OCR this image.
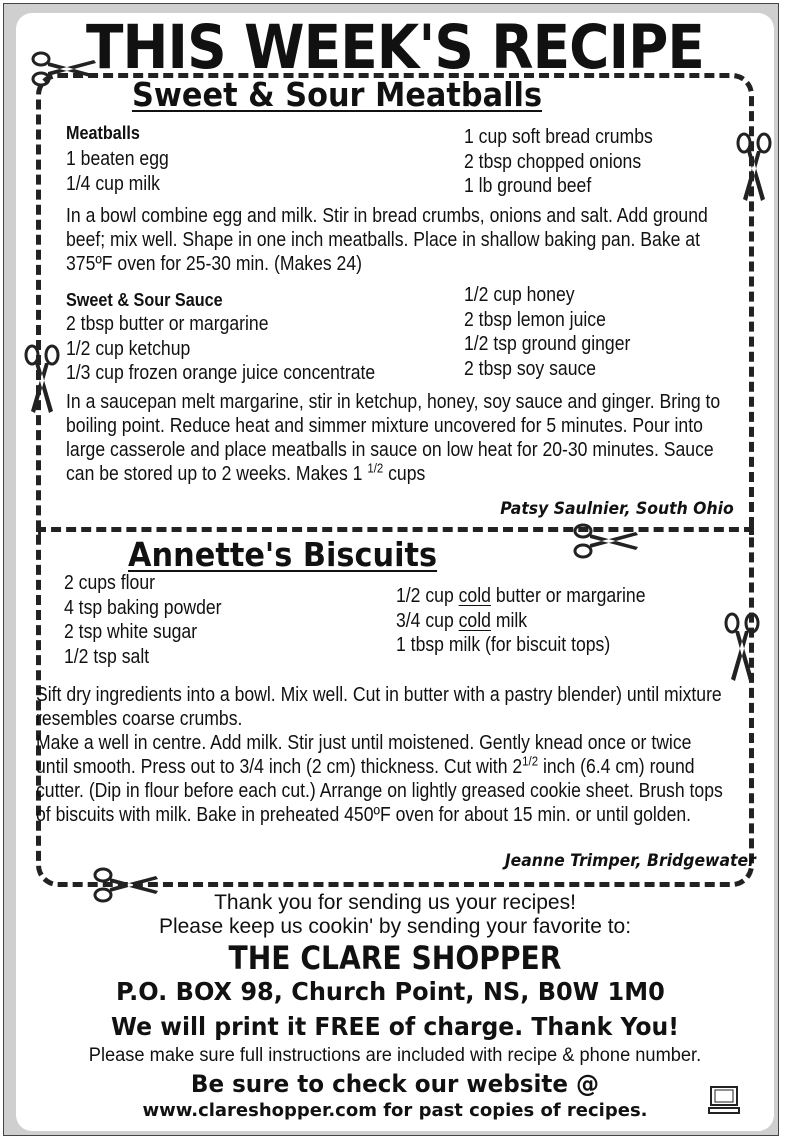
THIS WEEK'S RECIPE
Sweet & Sour Meatballs
Meatballs
1 beaten egg
1/4 cup milk
1 cup soft bread crumbs
2 tbsp chopped onions
1 lb ground beef
In a bowl combine egg and milk. Stir in bread crumbs, onions and salt. Add ground beef; mix well. Shape in one inch meatballs. Place in shallow baking pan. Bake at 375ºF oven for 25-30 min. (Makes 24)
Sweet & Sour Sauce
2 tbsp butter or margarine
1/2 cup ketchup
1/3 cup frozen orange juice concentrate
1/2 cup honey
2 tbsp lemon juice
1/2 tsp ground ginger
2 tbsp soy sauce
In a saucepan melt margarine, stir in ketchup, honey, soy sauce and ginger. Bring to boiling point. Reduce heat and simmer mixture uncovered for 5 minutes. Pour into large casserole and place meatballs in sauce on low heat for 20-30 minutes. Sauce can be stored up to 2 weeks. Makes 1 $^{1/2}$ cups
Patsy Saulnier, South Ohio
Annette's Biscuits
2 cups flour
4 tsp baking powder
2 tsp white sugar
1/2 tsp salt
1/2 cup cold butter or margarine
3/4 cup cold milk
1 tbsp milk (for biscuit tops)
Sift dry ingredients into a bowl. Mix well. Cut in butter with a pastry blender) until mixture resembles coarse crumbs.
Make a well in centre. Add milk. Stir just until moistened. Gently knead once or twice until smooth. Press out to 3/4 inch (2 cm) thickness. Cut with $2^{1/2}$ inch (6.4 cm) round cutter. (Dip in flour before each cut.) Arrange on lightly greased cookie sheet. Brush tops of biscuits with milk. Bake in preheated 450ºF oven for about 15 min. or until golden.
Jeanne Trimper, Bridgewater
Thank you for sending us your recipes!
Please keep us cookin' by sending your favorite to:
THE CLARE SHOPPER
P.O. BOX 98, Church Point, NS, B0W 1M0
We will print it FREE of charge. Thank You!
Please make sure full instructions are included with recipe & phone number.
Be sure to check our website @
www.clareshopper.com for past copies of recipes.
